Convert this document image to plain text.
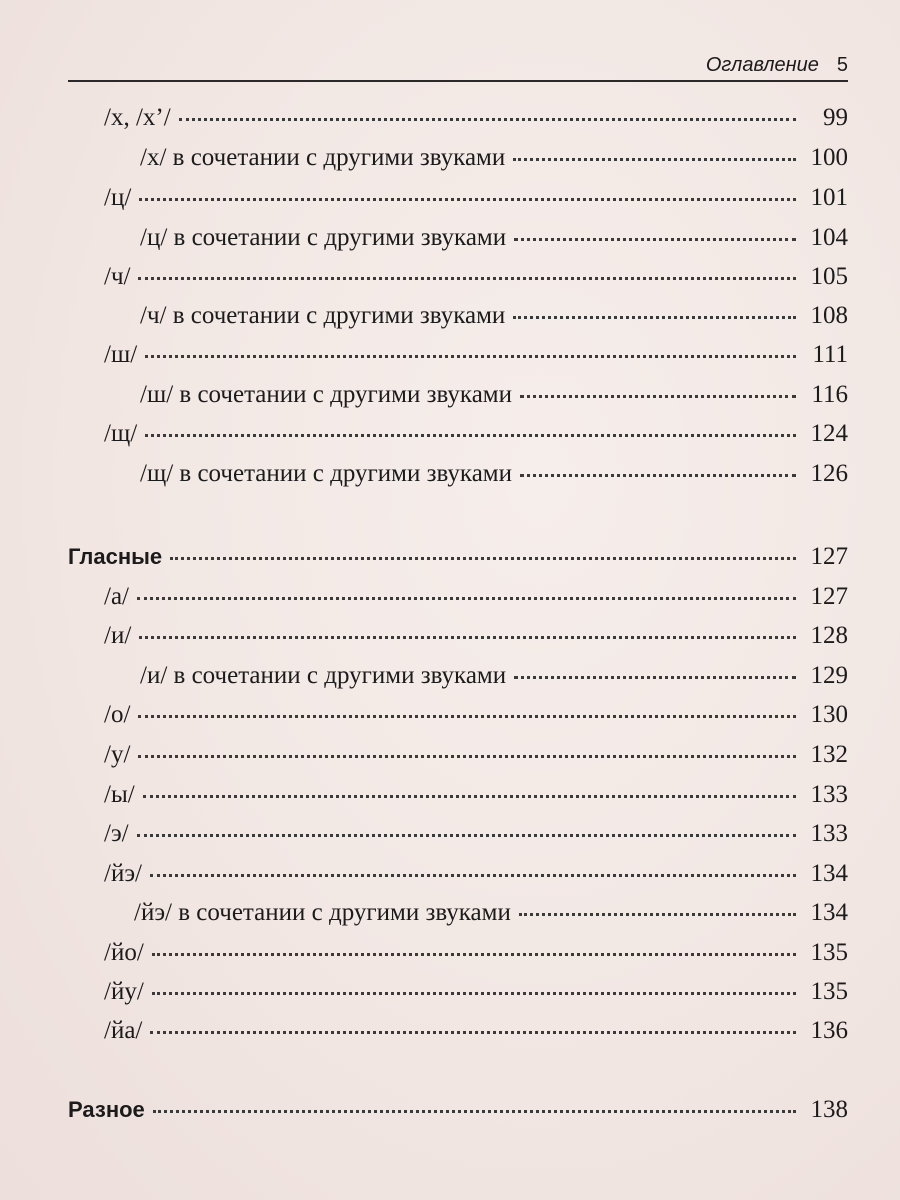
Оглавление 5
/х, /х’/	99
/х/ в сочетании с другими звуками	100
/ц/	101
/ц/ в сочетании с другими звуками	104
/ч/	105
/ч/ в сочетании с другими звуками	108
/ш/	111
/ш/ в сочетании с другими звуками	116
/щ/	124
/щ/ в сочетании с другими звуками	126
Гласные	127
/а/	127
/и/	128
/и/ в сочетании с другими звуками	129
/о/	130
/у/	132
/ы/	133
/э/	133
/йэ/	134
/йэ/ в сочетании с другими звуками	134
/йо/	135
/йу/	135
/йа/	136
Разное	138
